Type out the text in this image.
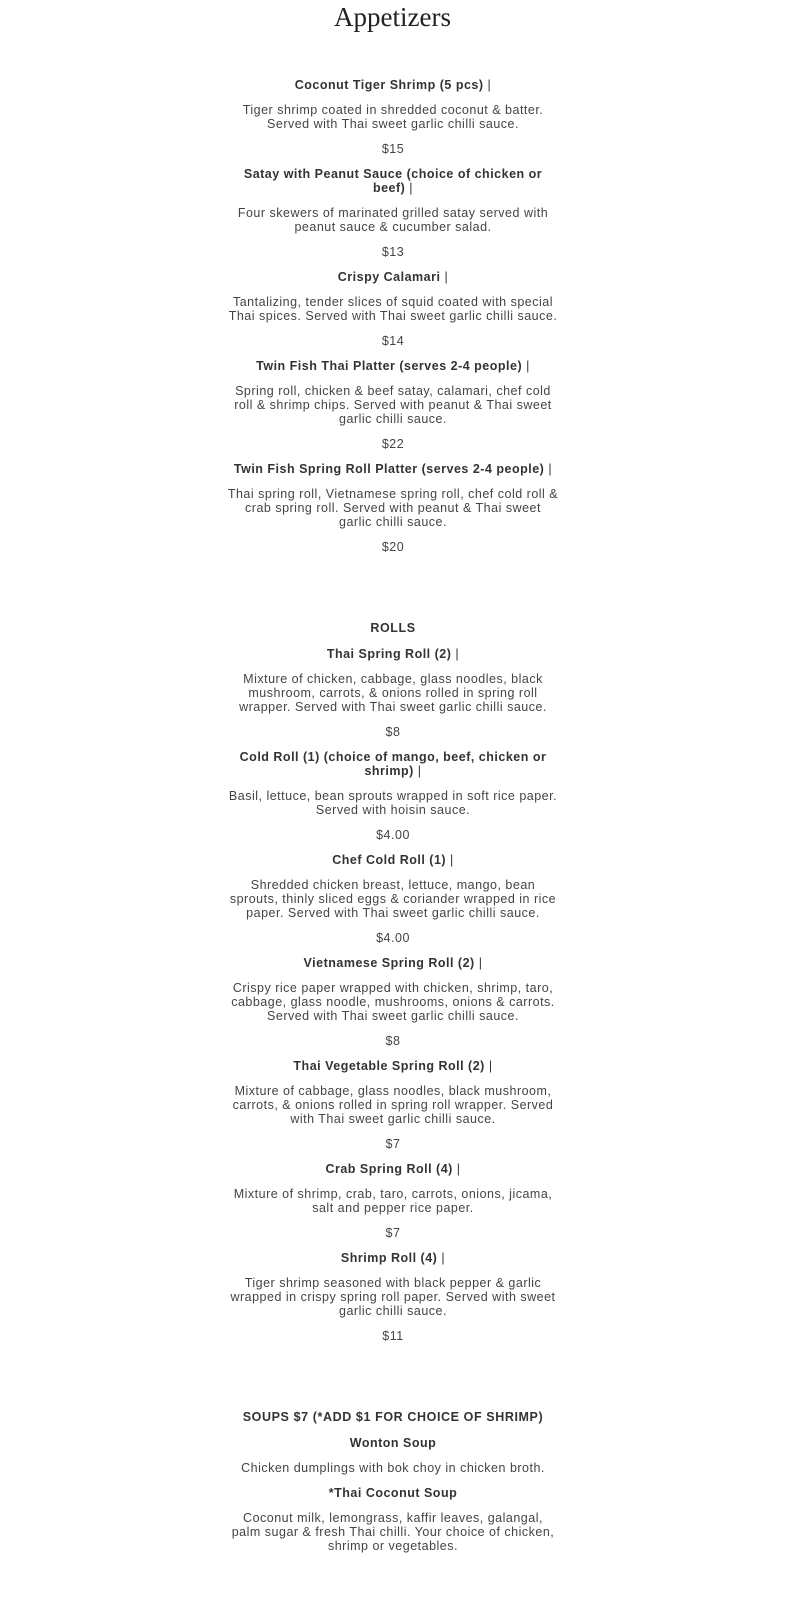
Appetizers

Coconut Tiger Shrimp (5 pcs) |

Tiger shrimp coated in shredded coconut & batter. Served with Thai sweet garlic chilli sauce.

$15

Satay with Peanut Sauce (choice of chicken or beef) |

Four skewers of marinated grilled satay served with peanut sauce & cucumber salad.

$13

Crispy Calamari |

Tantalizing, tender slices of squid coated with special Thai spices. Served with Thai sweet garlic chilli sauce.

$14

Twin Fish Thai Platter (serves 2-4 people) |

Spring roll, chicken & beef satay, calamari, chef cold roll & shrimp chips. Served with peanut & Thai sweet garlic chilli sauce.

$22

Twin Fish Spring Roll Platter (serves 2-4 people) |

Thai spring roll, Vietnamese spring roll, chef cold roll & crab spring roll. Served with peanut & Thai sweet garlic chilli sauce.

$20

ROLLS

Thai Spring Roll (2) |

Mixture of chicken, cabbage, glass noodles, black mushroom, carrots, & onions rolled in spring roll wrapper. Served with Thai sweet garlic chilli sauce.

$8

Cold Roll (1) (choice of mango, beef, chicken or shrimp) |

Basil, lettuce, bean sprouts wrapped in soft rice paper. Served with hoisin sauce.

$4.00

Chef Cold Roll (1) |

Shredded chicken breast, lettuce, mango, bean sprouts, thinly sliced eggs & coriander wrapped in rice paper. Served with Thai sweet garlic chilli sauce.

$4.00

Vietnamese Spring Roll (2) |

Crispy rice paper wrapped with chicken, shrimp, taro, cabbage, glass noodle, mushrooms, onions & carrots. Served with Thai sweet garlic chilli sauce.

$8

Thai Vegetable Spring Roll (2) |

Mixture of cabbage, glass noodles, black mushroom, carrots, & onions rolled in spring roll wrapper. Served with Thai sweet garlic chilli sauce.

$7

Crab Spring Roll (4) |

Mixture of shrimp, crab, taro, carrots, onions, jicama, salt and pepper rice paper.

$7

Shrimp Roll (4) |

Tiger shrimp seasoned with black pepper & garlic wrapped in crispy spring roll paper. Served with sweet garlic chilli sauce.

$11

SOUPS $7 (*ADD $1 FOR CHOICE OF SHRIMP)

Wonton Soup

Chicken dumplings with bok choy in chicken broth.

*Thai Coconut Soup

Coconut milk, lemongrass, kaffir leaves, galangal, palm sugar & fresh Thai chilli. Your choice of chicken, shrimp or vegetables.
